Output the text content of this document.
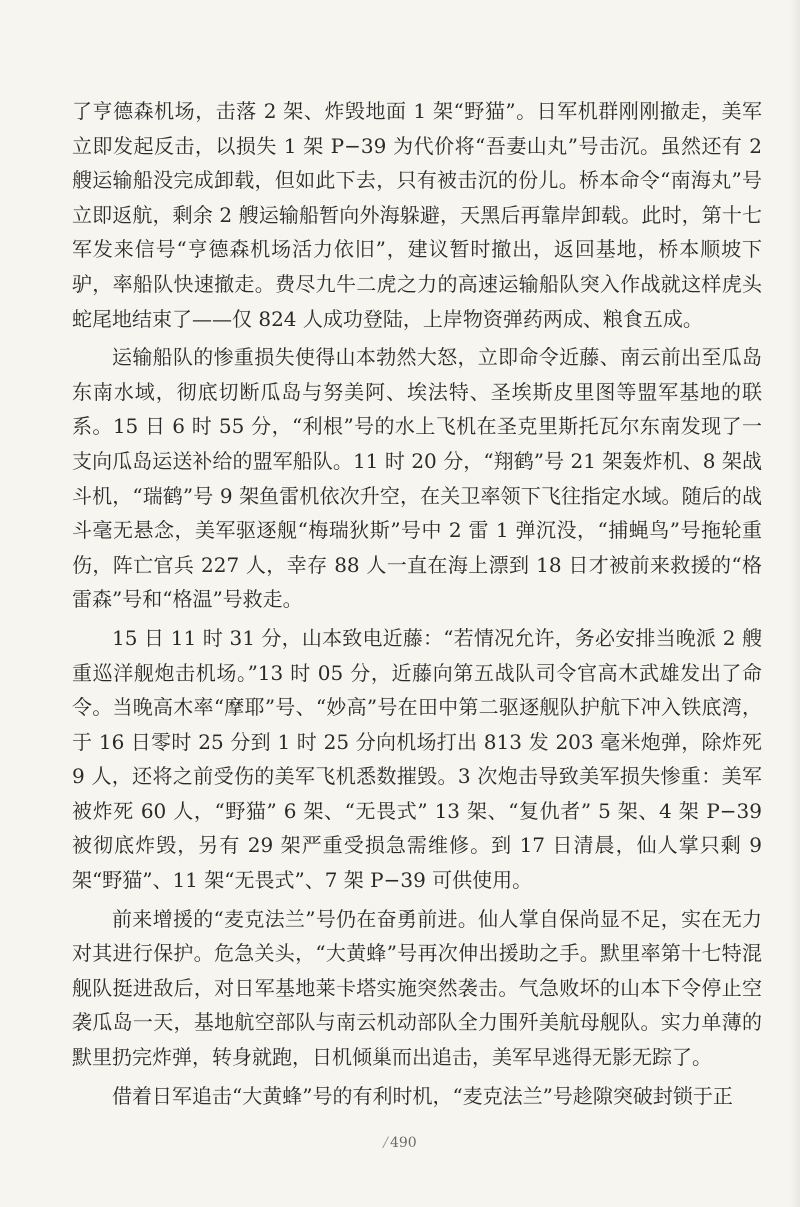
了亨德森机场，击落 2 架、炸毁地面 1 架“野猫”。日军机群刚刚撤走，美军立即发起反击，以损失 1 架 P−39 为代价将“吾妻山丸”号击沉。虽然还有 2 艘运输船没完成卸载，但如此下去，只有被击沉的份儿。桥本命令“南海丸”号立即返航，剩余 2 艘运输船暂向外海躲避，天黑后再靠岸卸载。此时，第十七军发来信号“亨德森机场活力依旧”，建议暂时撤出，返回基地，桥本顺坡下驴，率船队快速撤走。费尽九牛二虎之力的高速运输船队突入作战就这样虎头蛇尾地结束了——仅 824 人成功登陆，上岸物资弹药两成、粮食五成。

运输船队的惨重损失使得山本勃然大怒，立即命令近藤、南云前出至瓜岛东南水域，彻底切断瓜岛与努美阿、埃法特、圣埃斯皮里图等盟军基地的联系。15 日 6 时 55 分，“利根”号的水上飞机在圣克里斯托瓦尔东南发现了一支向瓜岛运送补给的盟军船队。11 时 20 分，“翔鹤”号 21 架轰炸机、8 架战斗机，“瑞鹤”号 9 架鱼雷机依次升空，在关卫率领下飞往指定水域。随后的战斗毫无悬念，美军驱逐舰“梅瑞狄斯”号中 2 雷 1 弹沉没，“捕蝇鸟”号拖轮重伤，阵亡官兵 227 人，幸存 88 人一直在海上漂到 18 日才被前来救援的“格雷森”号和“格温”号救走。

15 日 11 时 31 分，山本致电近藤：“若情况允许，务必安排当晚派 2 艘重巡洋舰炮击机场。”13 时 05 分，近藤向第五战队司令官高木武雄发出了命令。当晚高木率“摩耶”号、“妙高”号在田中第二驱逐舰队护航下冲入铁底湾，于 16 日零时 25 分到 1 时 25 分向机场打出 813 发 203 毫米炮弹，除炸死 9 人，还将之前受伤的美军飞机悉数摧毁。3 次炮击导致美军损失惨重：美军被炸死 60 人，“野猫” 6 架、“无畏式” 13 架、“复仇者” 5 架、4 架 P−39 被彻底炸毁，另有 29 架严重受损急需维修。到 17 日清晨，仙人掌只剩 9 架“野猫”、11 架“无畏式”、7 架 P−39 可供使用。

前来增援的“麦克法兰”号仍在奋勇前进。仙人掌自保尚显不足，实在无力对其进行保护。危急关头，“大黄蜂”号再次伸出援助之手。默里率第十七特混舰队挺进敌后，对日军基地莱卡塔实施突然袭击。气急败坏的山本下令停止空袭瓜岛一天，基地航空部队与南云机动部队全力围歼美航母舰队。实力单薄的默里扔完炸弹，转身就跑，日机倾巢而出追击，美军早逃得无影无踪了。

借着日军追击“大黄蜂”号的有利时机，“麦克法兰”号趁隙突破封锁于正

/ 490
